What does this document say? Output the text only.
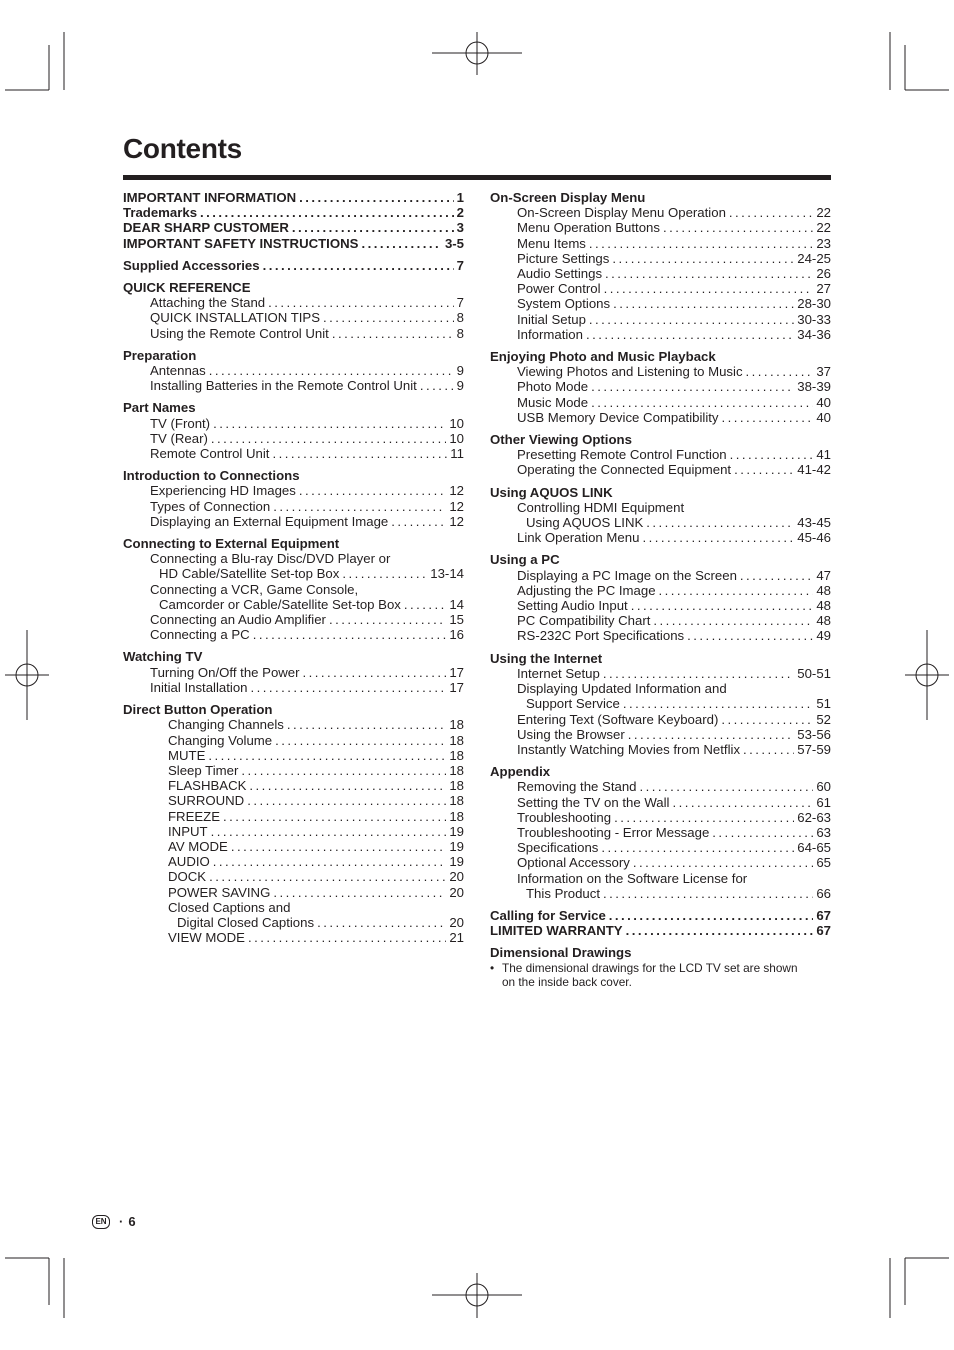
Contents
IMPORTANT INFORMATION . . .	1
Trademarks . . .	2
DEAR SHARP CUSTOMER . . .	3
IMPORTANT SAFETY INSTRUCTIONS . . .	3-5
Supplied Accessories . . .	7
QUICK REFERENCE
Attaching the Stand . . .	7
QUICK INSTALLATION TIPS . . .	8
Using the Remote Control Unit . . .	8
Preparation
Antennas . . .	9
Installing Batteries in the Remote Control Unit . . .	9
Part Names
TV (Front) . . .	10
TV (Rear) . . .	10
Remote Control Unit . . .	11
Introduction to Connections
Experiencing HD Images . . .	12
Types of Connection . . .	12
Displaying an External Equipment Image . . .	12
Connecting to External Equipment
Connecting a Blu-ray Disc/DVD Player or
HD Cable/Satellite Set-top Box . . .	13-14
Connecting a VCR, Game Console,
Camcorder or Cable/Satellite Set-top Box . . .	14
Connecting an Audio Amplifier . . .	15
Connecting a PC . . .	16
Watching TV
Turning On/Off the Power . . .	17
Initial Installation . . .	17
Direct Button Operation
Changing Channels . . .	18
Changing Volume . . .	18
MUTE . . .	18
Sleep Timer . . .	18
FLASHBACK . . .	18
SURROUND . . .	18
FREEZE . . .	18
INPUT . . .	19
AV MODE . . .	19
AUDIO . . .	19
DOCK . . .	20
POWER SAVING . . .	20
Closed Captions and
Digital Closed Captions . . .	20
VIEW MODE . . .	21
On-Screen Display Menu
On-Screen Display Menu Operation . . .	22
Menu Operation Buttons . . .	22
Menu Items . . .	23
Picture Settings . . .	24-25
Audio Settings . . .	26
Power Control . . .	27
System Options . . .	28-30
Initial Setup . . .	30-33
Information . . .	34-36
Enjoying Photo and Music Playback
Viewing Photos and Listening to Music . . .	37
Photo Mode . . .	38-39
Music Mode . . .	40
USB Memory Device Compatibility . . .	40
Other Viewing Options
Presetting Remote Control Function . . .	41
Operating the Connected Equipment . . .	41-42
Using AQUOS LINK
Controlling HDMI Equipment
Using AQUOS LINK . . .	43-45
Link Operation Menu . . .	45-46
Using a PC
Displaying a PC Image on the Screen . . .	47
Adjusting the PC Image . . .	48
Setting Audio Input . . .	48
PC Compatibility Chart . . .	48
RS-232C Port Specifications . . .	49
Using the Internet
Internet Setup . . .	50-51
Displaying Updated Information and
Support Service . . .	51
Entering Text (Software Keyboard) . . .	52
Using the Browser . . .	53-56
Instantly Watching Movies from Netflix . . .	57-59
Appendix
Removing the Stand . . .	60
Setting the TV on the Wall . . .	61
Troubleshooting . . .	62-63
Troubleshooting - Error Message . . .	63
Specifications . . .	64-65
Optional Accessory . . .	65
Information on the Software License for
This Product . . .	66
Calling for Service . . .	67
LIMITED WARRANTY . . .	67
Dimensional Drawings
• The dimensional drawings for the LCD TV set are shown
on the inside back cover.
EN · 6
